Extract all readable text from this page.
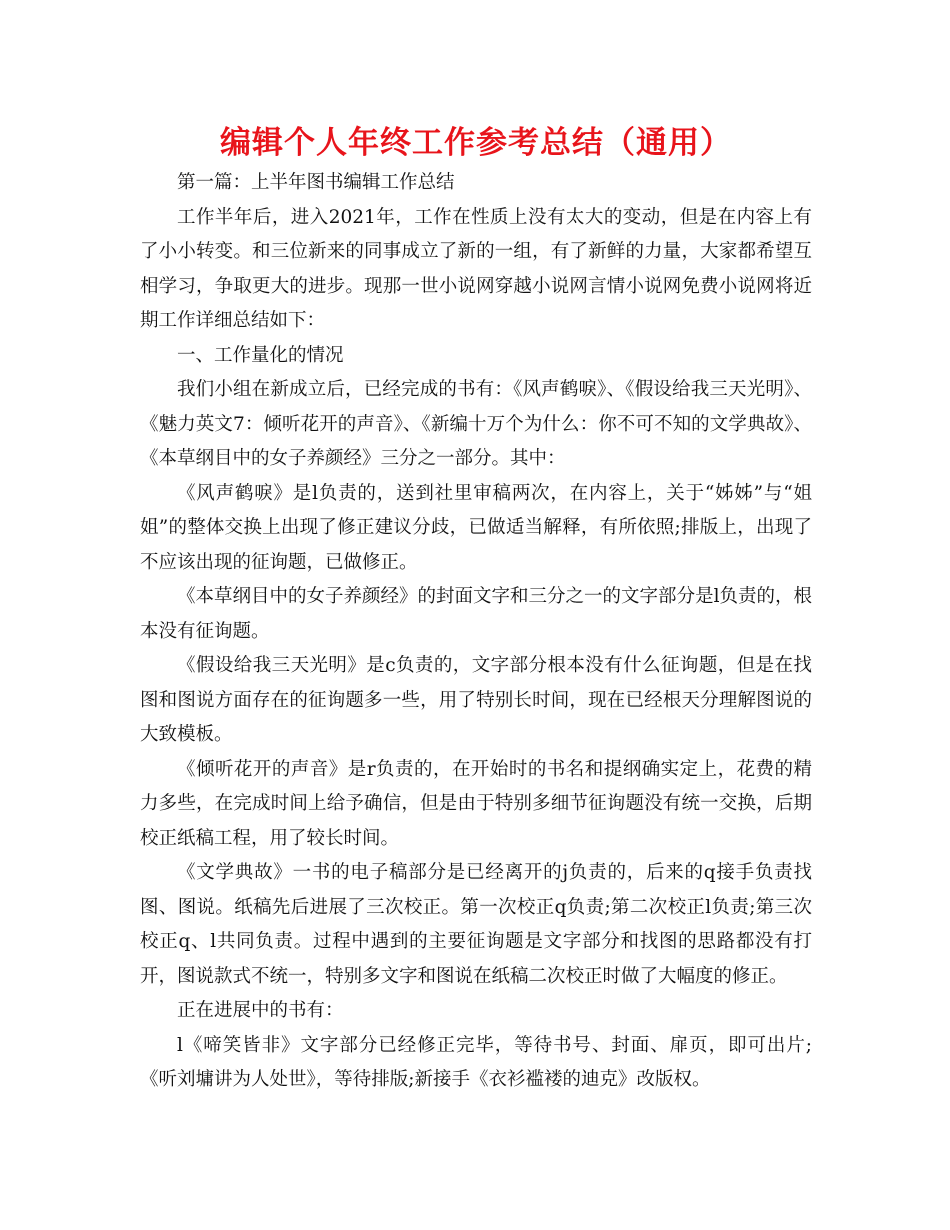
编辑个人年终工作参考总结（通用）

第一篇：上半年图书编辑工作总结

工作半年后，进入2021年，工作在性质上没有太大的变动，但是在内容上有了小小转变。和三位新来的同事成立了新的一组，有了新鲜的力量，大家都希望互相学习，争取更大的进步。现那一世小说网穿越小说网言情小说网免费小说网将近期工作详细总结如下：

一、工作量化的情况

我们小组在新成立后，已经完成的书有：《风声鹤唳》、《假设给我三天光明》、《魅力英文7：倾听花开的声音》、《新编十万个为什么：你不可不知的文学典故》、《本草纲目中的女子养颜经》三分之一部分。其中：

《风声鹤唳》是l负责的，送到社里审稿两次，在内容上，关于“姊姊”与“姐姐”的整体交换上出现了修正建议分歧，已做适当解释，有所依照;排版上，出现了不应该出现的征询题，已做修正。

《本草纲目中的女子养颜经》的封面文字和三分之一的文字部分是l负责的，根本没有征询题。

《假设给我三天光明》是c负责的，文字部分根本没有什么征询题，但是在找图和图说方面存在的征询题多一些，用了特别长时间，现在已经根天分理解图说的大致模板。

《倾听花开的声音》是r负责的，在开始时的书名和提纲确实定上，花费的精力多些，在完成时间上给予确信，但是由于特别多细节征询题没有统一交换，后期校正纸稿工程，用了较长时间。

《文学典故》一书的电子稿部分是已经离开的j负责的，后来的q接手负责找图、图说。纸稿先后进展了三次校正。第一次校正q负责;第二次校正l负责;第三次校正q、l共同负责。过程中遇到的主要征询题是文字部分和找图的思路都没有打开，图说款式不统一，特别多文字和图说在纸稿二次校正时做了大幅度的修正。

正在进展中的书有：

l《啼笑皆非》文字部分已经修正完毕，等待书号、封面、扉页，即可出片;《听刘墉讲为人处世》，等待排版;新接手《衣衫褴褛的迪克》改版权。
